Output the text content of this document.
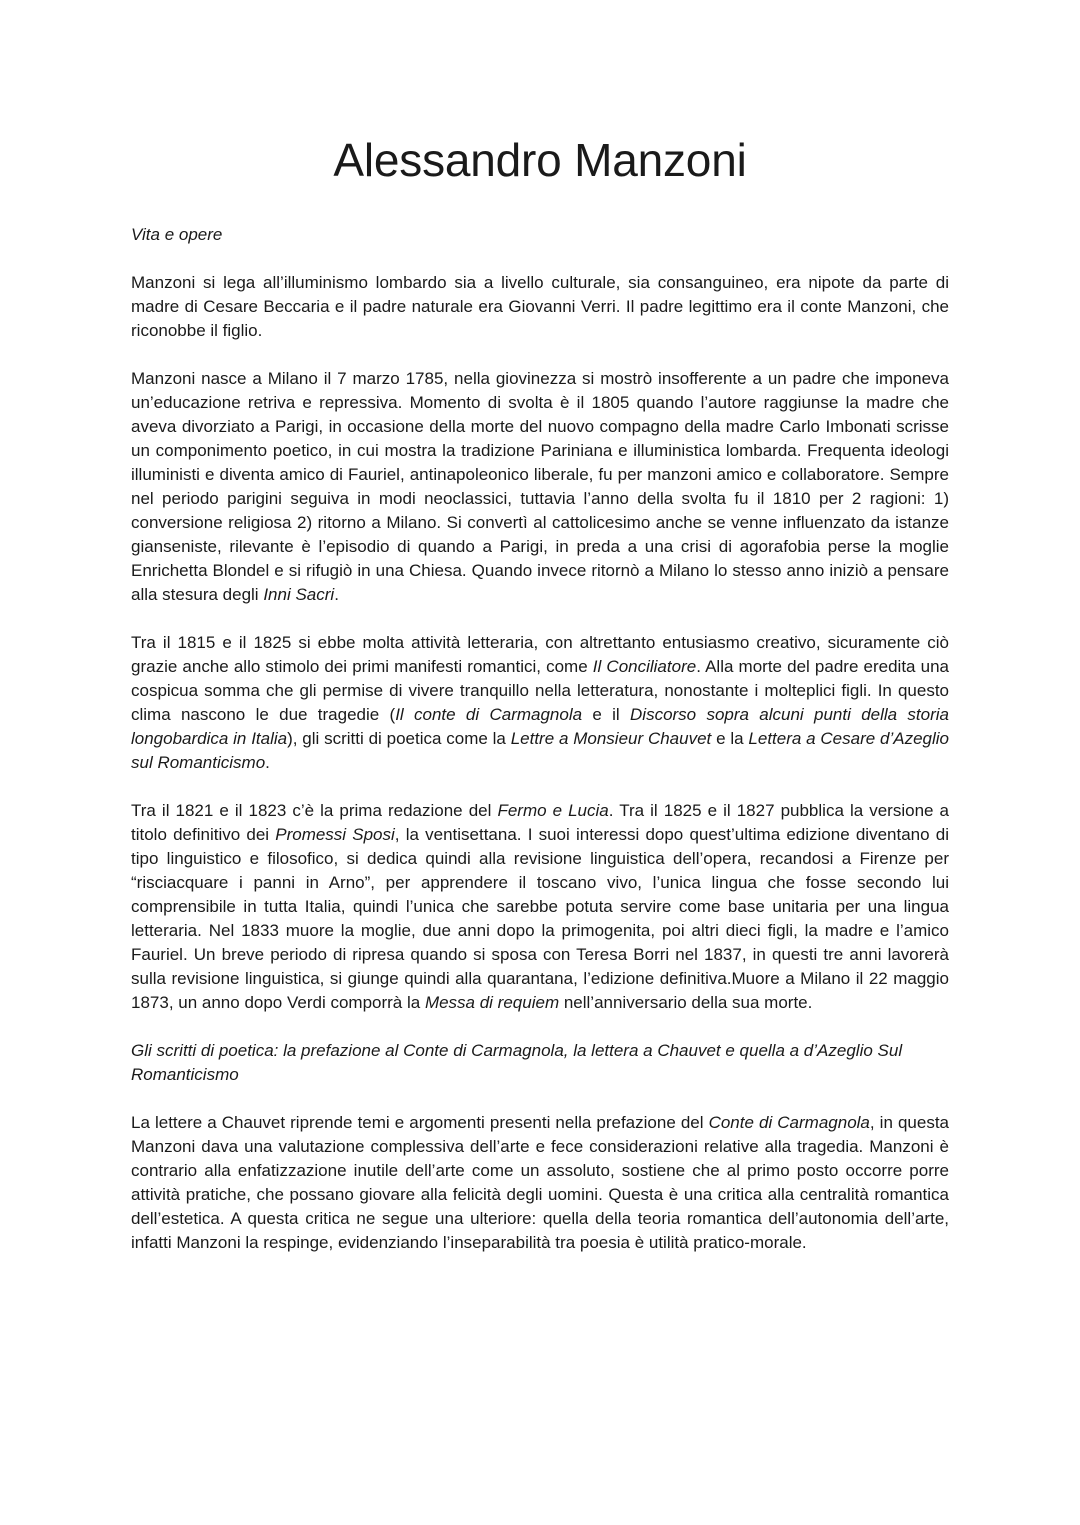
Alessandro Manzoni

Vita e opere

Manzoni si lega all’illuminismo lombardo sia a livello culturale, sia consanguineo, era nipote da parte di madre di Cesare Beccaria e il padre naturale era Giovanni Verri. Il padre legittimo era il conte Manzoni, che riconobbe il figlio.

Manzoni nasce a Milano il 7 marzo 1785, nella giovinezza si mostrò insofferente a un padre che imponeva un’educazione retriva e repressiva. Momento di svolta è il 1805 quando l’autore raggiunse la madre che aveva divorziato a Parigi, in occasione della morte del nuovo compagno della madre Carlo Imbonati scrisse un componimento poetico, in cui mostra la tradizione Pariniana e illuministica lombarda. Frequenta ideologi illuministi e diventa amico di Fauriel, antinapoleonico liberale, fu per manzoni amico e collaboratore. Sempre nel periodo parigini seguiva in modi neoclassici, tuttavia l’anno della svolta fu il 1810 per 2 ragioni: 1) conversione religiosa 2) ritorno a Milano. Si convertì al cattolicesimo anche se venne influenzato da istanze gianseniste, rilevante è l’episodio di quando a Parigi, in preda a una crisi di agorafobia perse la moglie Enrichetta Blondel e si rifugiò in una Chiesa. Quando invece ritornò a Milano lo stesso anno iniziò a pensare alla stesura degli Inni Sacri.

Tra il 1815 e il 1825 si ebbe molta attività letteraria, con altrettanto entusiasmo creativo, sicuramente ciò grazie anche allo stimolo dei primi manifesti romantici, come Il Conciliatore. Alla morte del padre eredita una cospicua somma che gli permise di vivere tranquillo nella letteratura, nonostante i molteplici figli. In questo clima nascono le due tragedie (Il conte di Carmagnola e il Discorso sopra alcuni punti della storia longobardica in Italia), gli scritti di poetica come la Lettre a Monsieur Chauvet e la Lettera a Cesare d’Azeglio sul Romanticismo.

Tra il 1821 e il 1823 c’è la prima redazione del Fermo e Lucia. Tra il 1825 e il 1827 pubblica la versione a titolo definitivo dei Promessi Sposi, la ventisettana. I suoi interessi dopo quest’ultima edizione diventano di tipo linguistico e filosofico, si dedica quindi alla revisione linguistica dell’opera, recandosi a Firenze per “risciacquare i panni in Arno”, per apprendere il toscano vivo, l’unica lingua che fosse secondo lui comprensibile in tutta Italia, quindi l’unica che sarebbe potuta servire come base unitaria per una lingua letteraria. Nel 1833 muore la moglie, due anni dopo la primogenita, poi altri dieci figli, la madre e l’amico Fauriel. Un breve periodo di ripresa quando si sposa con Teresa Borri nel 1837, in questi tre anni lavorerà sulla revisione linguistica, si giunge quindi alla quarantana, l’edizione definitiva.Muore a Milano il 22 maggio 1873, un anno dopo Verdi comporrà la Messa di requiem nell’anniversario della sua morte.

Gli scritti di poetica: la prefazione al Conte di Carmagnola, la lettera a Chauvet e quella a d’Azeglio Sul Romanticismo

La lettere a Chauvet riprende temi e argomenti presenti nella prefazione del Conte di Carmagnola, in questa Manzoni dava una valutazione complessiva dell’arte e fece considerazioni relative alla tragedia. Manzoni è contrario alla enfatizzazione inutile dell’arte come un assoluto, sostiene che al primo posto occorre porre attività pratiche, che possano giovare alla felicità degli uomini. Questa è una critica alla centralità romantica dell’estetica. A questa critica ne segue una ulteriore: quella della teoria romantica dell’autonomia dell’arte, infatti Manzoni la respinge, evidenziando l’inseparabilità tra poesia è utilità pratico-morale.
